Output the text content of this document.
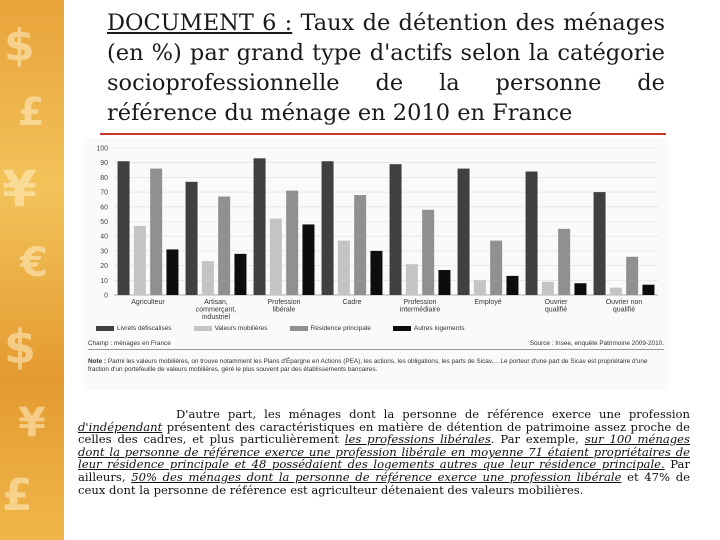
$
£
¥
€
$
¥
£

DOCUMENT 6 : Taux de détention des ménages (en %) par grand type d'actifs selon la catégorie socioprofessionnelle de la personne de référence du ménage en 2010 en France

0
10
20
30
40
50
60
70
80
90
100
Agriculteur	Artisan,
commerçant,
industriel
Profession
libérale
Cadre	Profession
intermédiaire
Employé	Ouvrier
qualifié
Ouvrier non
qualifié
Livrets défiscalisés	Valeurs mobilières	Résidence principale	Autres logements
Champ : ménages en France	Source : Insee, enquête Patrimoine 2009-2010.
Note : Parmi les valeurs mobilières, on trouve notamment les Plans d'Épargne en Actions (PEA), les actions, les obligations, les parts de Sicav,... Le porteur d'une part de Sicav est propriétaire d'une fraction d'un portefeuille de valeurs mobilières, géré le plus souvent par des établissements bancaires.

D'autre part, les ménages dont la personne de référence exerce une profession d'indépendant présentent des caractéristiques en matière de détention de patrimoine assez proche de celles des cadres, et plus particulièrement les professions libérales. Par exemple, sur 100 ménages dont la personne de référence exerce une profession libérale en moyenne 71 étaient propriétaires de leur résidence principale et 48 possédaient des logements autres que leur résidence principale. Par ailleurs, 50% des ménages dont la personne de référence exerce une profession libérale et 47% de ceux dont la personne de référence est agriculteur détenaient des valeurs mobilières.
